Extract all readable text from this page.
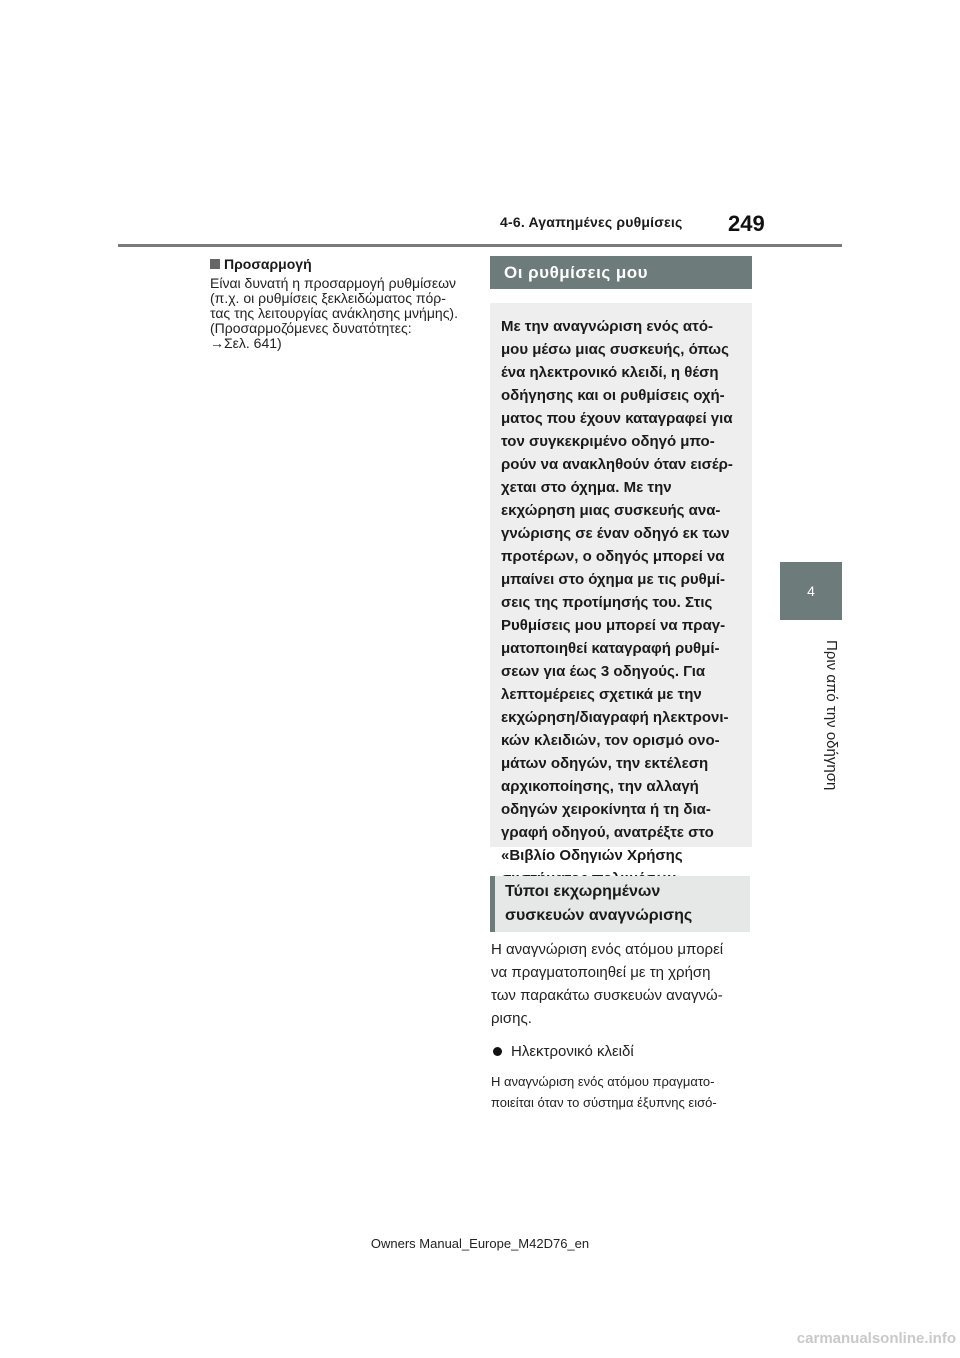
4-6. Αγαπημένες ρυθμίσεις	249
4
Πριν από την οδήγηση
Προσαρμογή

Είναι δυνατή η προσαρμογή ρυθμίσεων

(π.χ. οι ρυθμίσεις ξεκλειδώματος πόρ-

τας της λειτουργίας ανάκλησης μνήμης).

(Προσαρμοζόμενες δυνατότητες:

→Σελ. 641)

Οι ρυθμίσεις μου
Με την αναγνώριση ενός ατό-
μου μέσω μιας συσκευής, όπως
ένα ηλεκτρονικό κλειδί, η θέση
οδήγησης και οι ρυθμίσεις οχή-
ματος που έχουν καταγραφεί για
τον συγκεκριμένο οδηγό μπο-
ρούν να ανακληθούν όταν εισέρ-
χεται στο όχημα. Με την
εκχώρηση μιας συσκευής ανα-
γνώρισης σε έναν οδηγό εκ των
προτέρων, ο οδηγός μπορεί να
μπαίνει στο όχημα με τις ρυθμί-
σεις της προτίμησής του. Στις
Ρυθμίσεις μου μπορεί να πραγ-
ματοποιηθεί καταγραφή ρυθμί-
σεων για έως 3 οδηγούς. Για
λεπτομέρειες σχετικά με την
εκχώρηση/διαγραφή ηλεκτρονι-
κών κλειδιών, τον ορισμό ονο-
μάτων οδηγών, την εκτέλεση
αρχικοποίησης, την αλλαγή
οδηγών χειροκίνητα ή τη δια-
γραφή οδηγού, ανατρέξτε στο
«Βιβλίο Οδηγιών Χρήσης
Τύποι εκχωρημένων
συσκευών αναγνώρισης

Η αναγνώριση ενός ατόμου μπορεί

να πραγματοποιηθεί με τη χρήση

των παρακάτω συσκευών αναγνώ-

ρισης.

Ηλεκτρονικό κλειδί
Η αναγνώριση ενός ατόμου πραγματο-
ποιείται όταν το σύστημα έξυπνης εισό-
Owners Manual_Europe_M42D76_en
carmanualsonline.info
